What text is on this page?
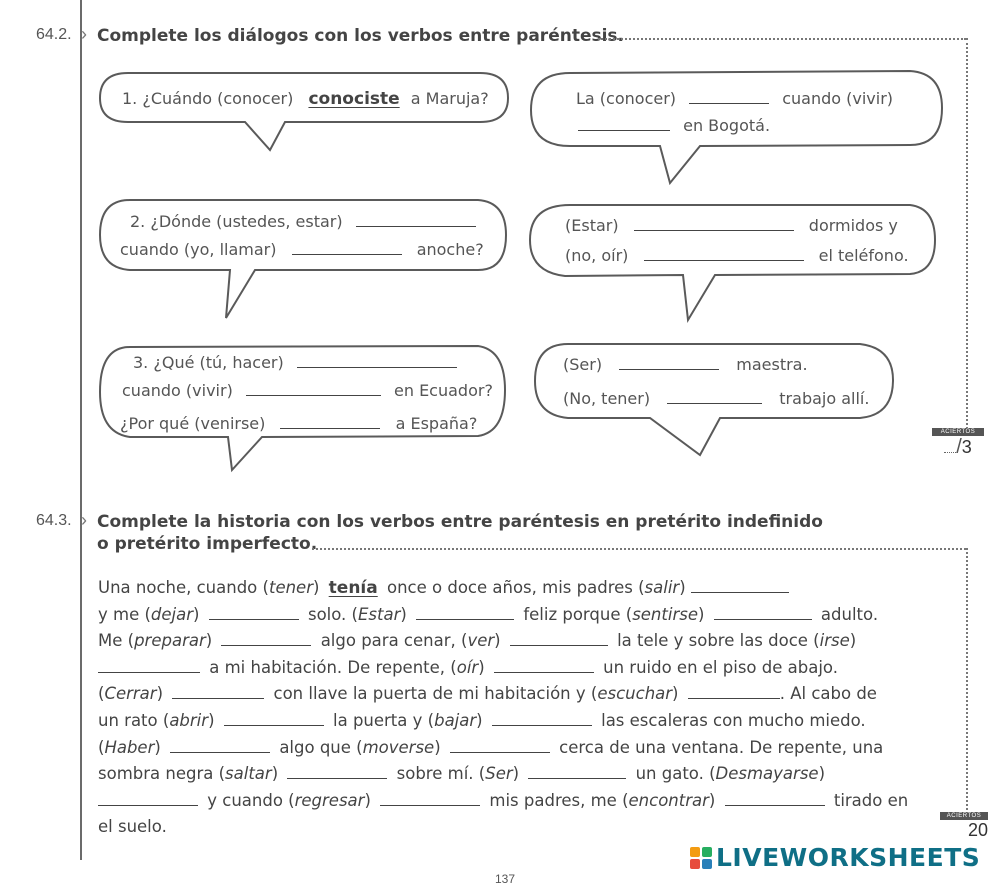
64.2. › Complete los diálogos con los verbos entre paréntesis.
1. ¿Cuándo (conocer) conociste a Maruja?	La (conocer)	cuando (vivir)
en Bogotá.
2. ¿Dónde (ustedes, estar)
cuando (yo, llamar)	anoche?
(Estar)	dormidos y
(no, oír)	el teléfono.
3. ¿Qué (tú, hacer)
cuando (vivir)	en Ecuador?
¿Por qué (venirse)	a España?
(Ser)	maestra.
(No, tener)	trabajo allí.
ACIERTOS
/3
64.3. › Complete la historia con los verbos entre paréntesis en pretérito indefinido
o pretérito imperfecto.
Una noche, cuando (tener) tenía once o doce años, mis padres (salir)
y me (dejar)	solo. (Estar)	feliz porque (sentirse)	adulto.
Me (preparar)	algo para cenar, (ver)	la tele y sobre las doce (irse)
a mi habitación. De repente, (oír)	un ruido en el piso de abajo.
(Cerrar)	con llave la puerta de mi habitación y (escuchar)	. Al cabo de
un rato (abrir)	la puerta y (bajar)	las escaleras con mucho miedo.
(Haber)	algo que (moverse)	cerca de una ventana. De repente, una
sombra negra (saltar)	sobre mí. (Ser)	un gato. (Desmayarse)
y cuando (regresar)	mis padres, me (encontrar)	tirado en
el suelo.
ACIERTOS
20
LIVEWORKSHEETS
137
